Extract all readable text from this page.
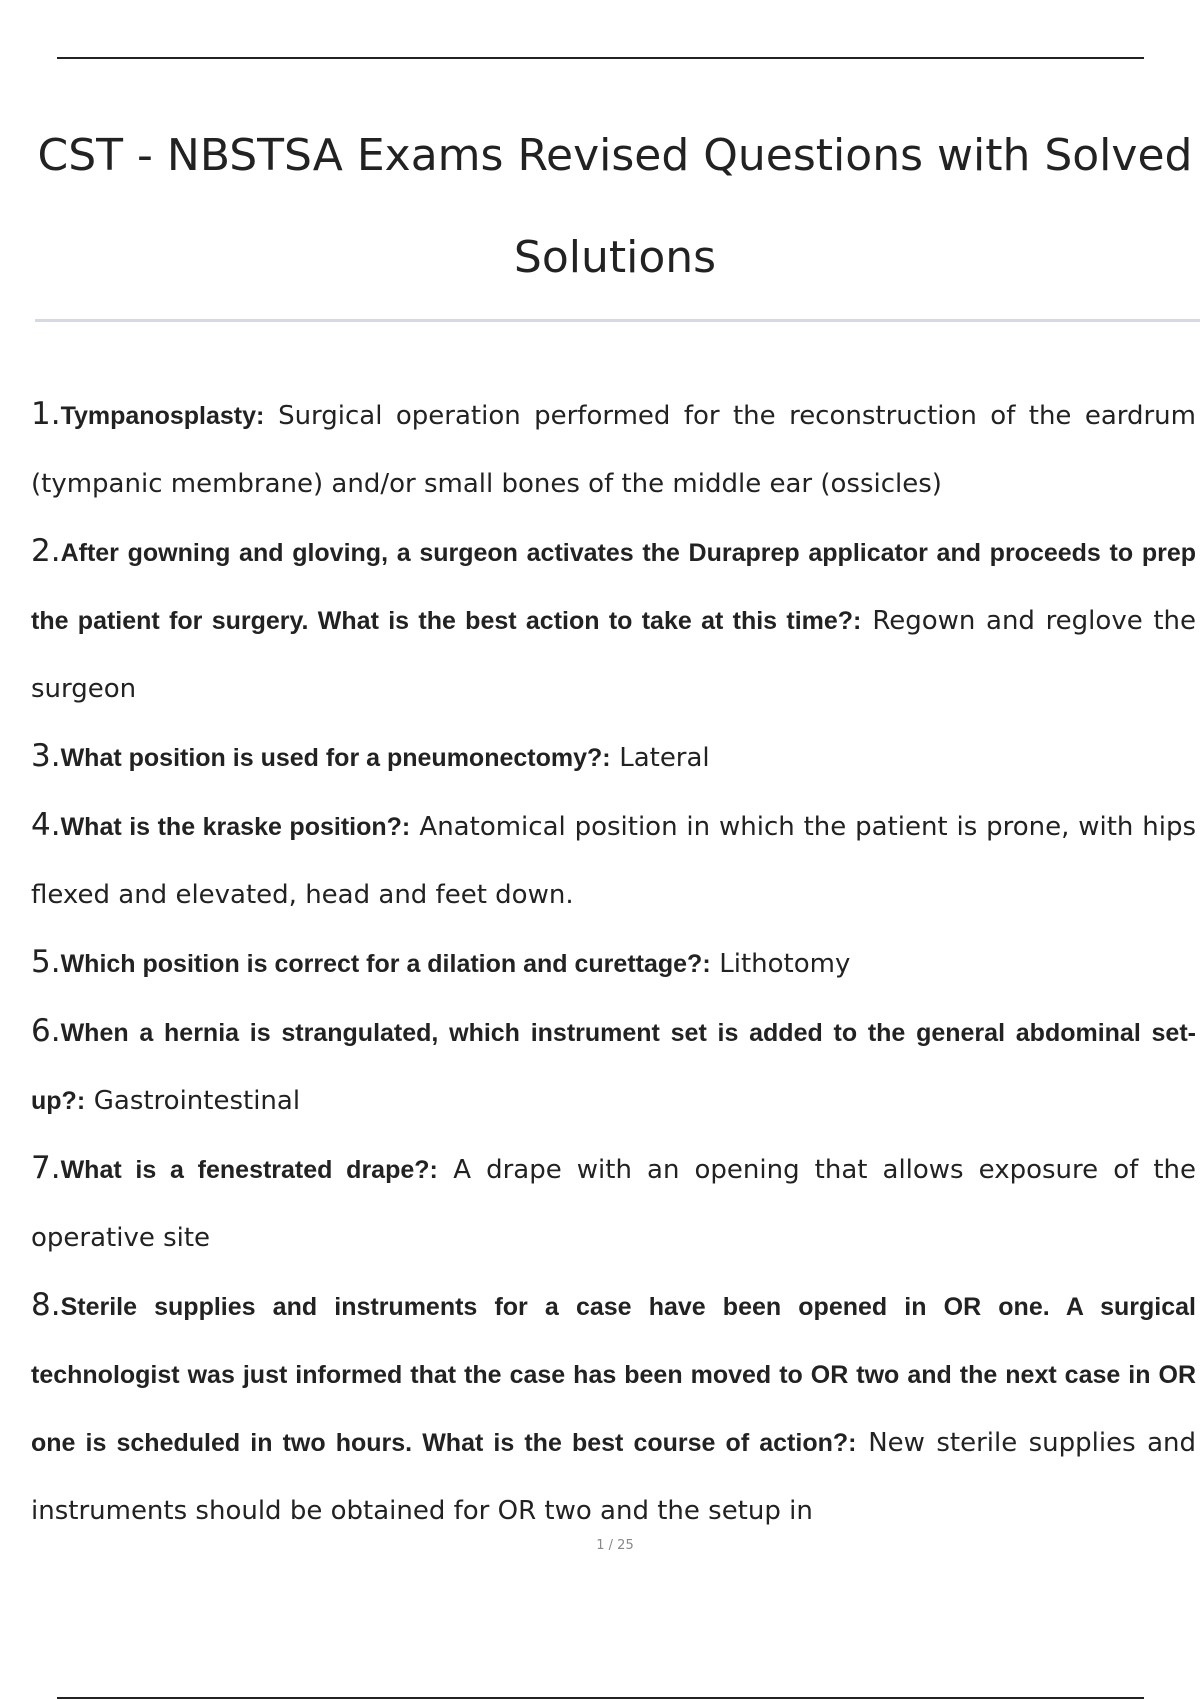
CST - NBSTSA Exams Revised Questions with Solved
Solutions
1.Tympanosplasty: Surgical operation performed for the reconstruction of the eardrum (tympanic membrane) and/or small bones of the middle ear (ossicles)
2.After gowning and gloving, a surgeon activates the Duraprep applicator and proceeds to prep the patient for surgery. What is the best action to take at this time?: Regown and reglove the surgeon
3.What position is used for a pneumonectomy?: Lateral
4.What is the kraske position?: Anatomical position in which the patient is prone, with hips flexed and elevated, head and feet down.
5.Which position is correct for a dilation and curettage?: Lithotomy
6.When a hernia is strangulated, which instrument set is added to the general abdominal set-up?: Gastrointestinal
7.What is a fenestrated drape?: A drape with an opening that allows exposure of the operative site
8.Sterile supplies and instruments for a case have been opened in OR one. A surgical technologist was just informed that the case has been moved to OR two and the next case in OR one is scheduled in two hours. What is the best course of action?: New sterile supplies and instruments should be obtained for OR two and the setup in
1 / 25
